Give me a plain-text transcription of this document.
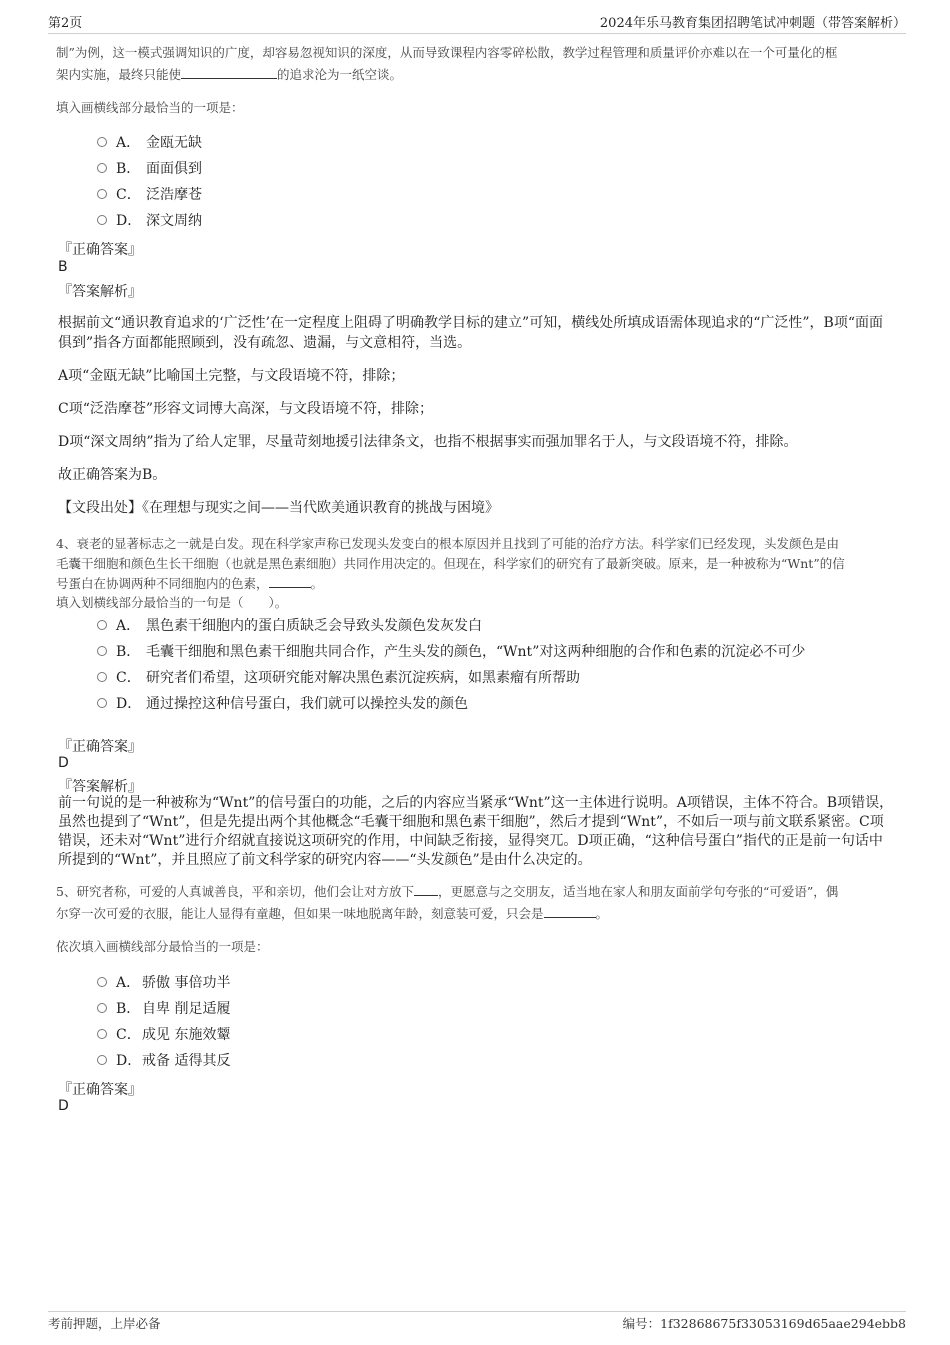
第2页	2024年乐马教育集团招聘笔试冲刺题（带答案解析）

制”为例，这一模式强调知识的广度，却容易忽视知识的深度，从而导致课程内容零碎松散，教学过程管理和质量评价亦难以在一个可量化的框
架内实施，最终只能使	的追求沦为一纸空谈。

填入画横线部分最恰当的一项是：

A． 金瓯无缺
B． 面面俱到
C． 泛浩摩苍
D． 深文周纳
『正确答案』
B
『答案解析』

根据前文“通识教育追求的‘广泛性’在一定程度上阻碍了明确教学目标的建立”可知，横线处所填成语需体现追求的“广泛性”，B项“面面俱到”指各方面都能照顾到，没有疏忽、遗漏，与文意相符，当选。

A项“金瓯无缺”比喻国土完整，与文段语境不符，排除；

C项“泛浩摩苍”形容文词博大高深，与文段语境不符，排除；

D项“深文周纳”指为了给人定罪，尽量苛刻地援引法律条文，也指不根据事实而强加罪名于人，与文段语境不符，排除。

故正确答案为B。

【文段出处】《在理想与现实之间——当代欧美通识教育的挑战与困境》

4、衰老的显著标志之一就是白发。现在科学家声称已发现头发变白的根本原因并且找到了可能的治疗方法。科学家们已经发现，头发颜色是由
毛囊干细胞和颜色生长干细胞（也就是黑色素细胞）共同作用决定的。但现在，科学家们的研究有了最新突破。原来，是一种被称为“Wnt”的信
号蛋白在协调两种不同细胞内的色素，	。

填入划横线部分最恰当的一句是（　　）。

A． 黑色素干细胞内的蛋白质缺乏会导致头发颜色发灰发白
B． 毛囊干细胞和黑色素干细胞共同合作，产生头发的颜色，“Wnt”对这两种细胞的合作和色素的沉淀必不可少
C． 研究者们希望，这项研究能对解决黑色素沉淀疾病，如黑素瘤有所帮助
D． 通过操控这种信号蛋白，我们就可以操控头发的颜色
『正确答案』
D
『答案解析』

前一句说的是一种被称为“Wnt”的信号蛋白的功能，之后的内容应当紧承“Wnt”这一主体进行说明。A项错误，主体不符合。B项错误，虽然也提到了“Wnt”，但是先提出两个其他概念“毛囊干细胞和黑色素干细胞”，然后才提到“Wnt”，不如后一项与前文联系紧密。C项错误，还未对“Wnt”进行介绍就直接说这项研究的作用，中间缺乏衔接，显得突兀。D项正确，“这种信号蛋白”指代的正是前一句话中所提到的“Wnt”，并且照应了前文科学家的研究内容——“头发颜色”是由什么决定的。

5、研究者称，可爱的人真诚善良，平和亲切，他们会让对方放下 ，更愿意与之交朋友，适当地在家人和朋友面前学句夸张的“可爱语”，偶
尔穿一次可爱的衣服，能让人显得有童趣，但如果一味地脱离年龄，刻意装可爱，只会是	。

依次填入画横线部分最恰当的一项是：

A． 骄傲 事倍功半
B． 自卑 削足适履
C．成见 东施效颦
D．戒备 适得其反
『正确答案』
D
考前押题，上岸必备	编号：1f32868675f33053169d65aae294ebb8
